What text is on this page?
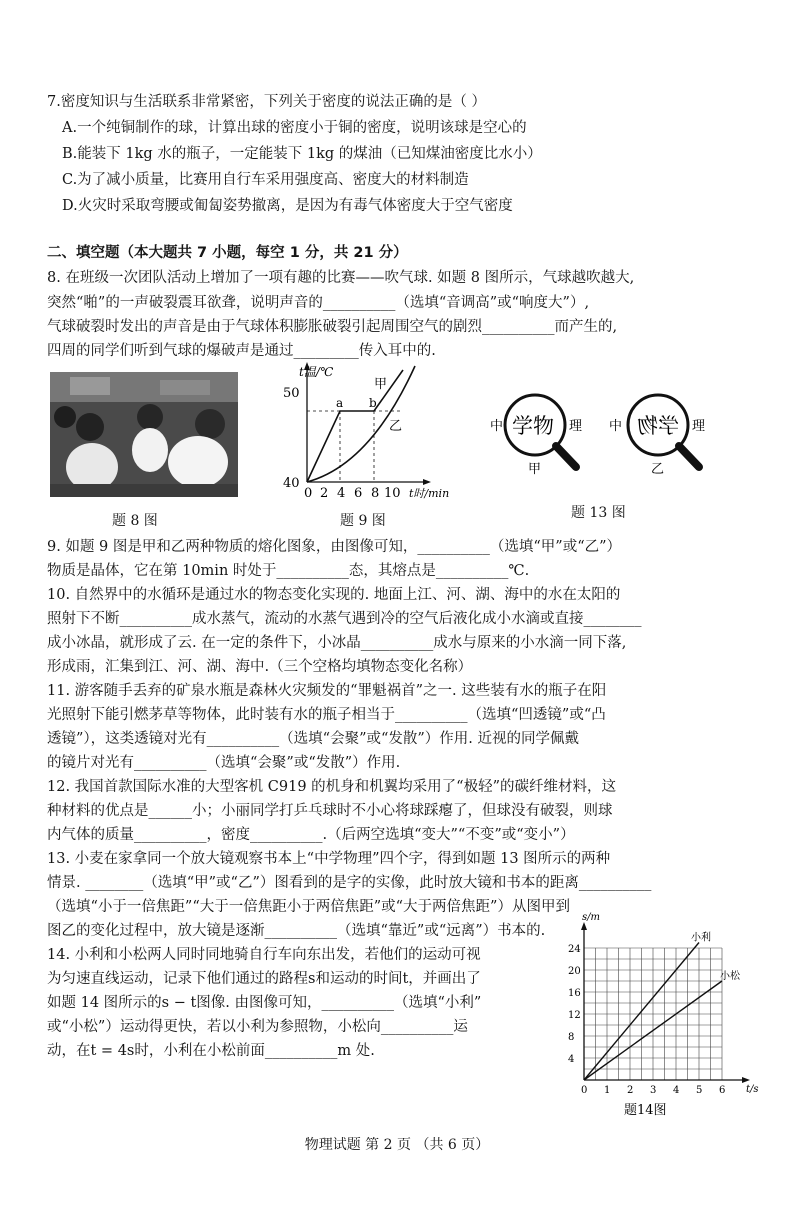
7.密度知识与生活联系非常紧密，下列关于密度的说法正确的是（ ）
A.一个纯铜制作的球，计算出球的密度小于铜的密度，说明该球是空心的
B.能装下 1kg 水的瓶子，一定能装下 1kg 的煤油（已知煤油密度比水小）
C.为了减小质量，比赛用自行车采用强度高、密度大的材料制造
D.火灾时采取弯腰或匍匐姿势撤离，是因为有毒气体密度大于空气密度
二、填空题（本大题共 7 小题，每空 1 分，共 21 分）
8. 在班级一次团队活动上增加了一项有趣的比赛——吹气球. 如题 8 图所示，气球越吹越大,
突然“啪”的一声破裂震耳欲聋，说明声音的__________（选填“音调高”或“响度大”）,
气球破裂时发出的声音是由于气球体积膨胀破裂引起周围空气的剧烈__________而产生的,
四周的同学们听到气球的爆破声是通过_________传入耳中的.
题 8 图
t温/℃
50
40
0 2 4 6 8 10 t时/min
a b
甲
乙
题 9 图
学物
中	理
甲
学物
中	理
乙
题 13 图
9. 如题 9 图是甲和乙两种物质的熔化图象，由图像可知，__________（选填“甲”或“乙”）
物质是晶体，它在第 10min 时处于__________态，其熔点是__________℃.
10. 自然界中的水循环是通过水的物态变化实现的. 地面上江、河、湖、海中的水在太阳的
照射下不断__________成水蒸气，流动的水蒸气遇到冷的空气后液化成小水滴或直接________
成小冰晶，就形成了云. 在一定的条件下，小冰晶__________成水与原来的小水滴一同下落,
形成雨，汇集到江、河、湖、海中.（三个空格均填物态变化名称）
11. 游客随手丢弃的矿泉水瓶是森林火灾频发的“罪魁祸首”之一. 这些装有水的瓶子在阳
光照射下能引燃茅草等物体，此时装有水的瓶子相当于__________（选填“凹透镜”或“凸
透镜”），这类透镜对光有__________（选填“会聚”或“发散”）作用. 近视的同学佩戴
的镜片对光有__________（选填“会聚”或“发散”）作用.
12. 我国首款国际水准的大型客机 C919 的机身和机翼均采用了“极轻”的碳纤维材料，这
种材料的优点是______小；小丽同学打乒乓球时不小心将球踩瘪了，但球没有破裂，则球
内气体的质量__________，密度__________.（后两空选填“变大”“不变”或“变小”）
13. 小麦在家拿同一个放大镜观察书本上“中学物理”四个字，得到如题 13 图所示的两种
情景. ________（选填“甲”或“乙”）图看到的是字的实像，此时放大镜和书本的距离__________
（选填“小于一倍焦距”“大于一倍焦距小于两倍焦距”或“大于两倍焦距”）从图甲到
图乙的变化过程中，放大镜是逐渐__________（选填“靠近”或“远离”）书本的.
14. 小利和小松两人同时同地骑自行车向东出发，若他们的运动可视
为匀速直线运动，记录下他们通过的路程s和运动的时间t，并画出了
如题 14 图所示的s − t图像. 由图像可知，__________（选填“小利”
或“小松”）运动得更快，若以小利为参照物，小松向__________运
动，在t = 4s时，小利在小松前面__________m 处.
s/m
t/s
0 1 2 3 4 5 6
4
8
12
16
20
24
小利
小松
题14图
物理试题 第 2 页 （共 6 页）
